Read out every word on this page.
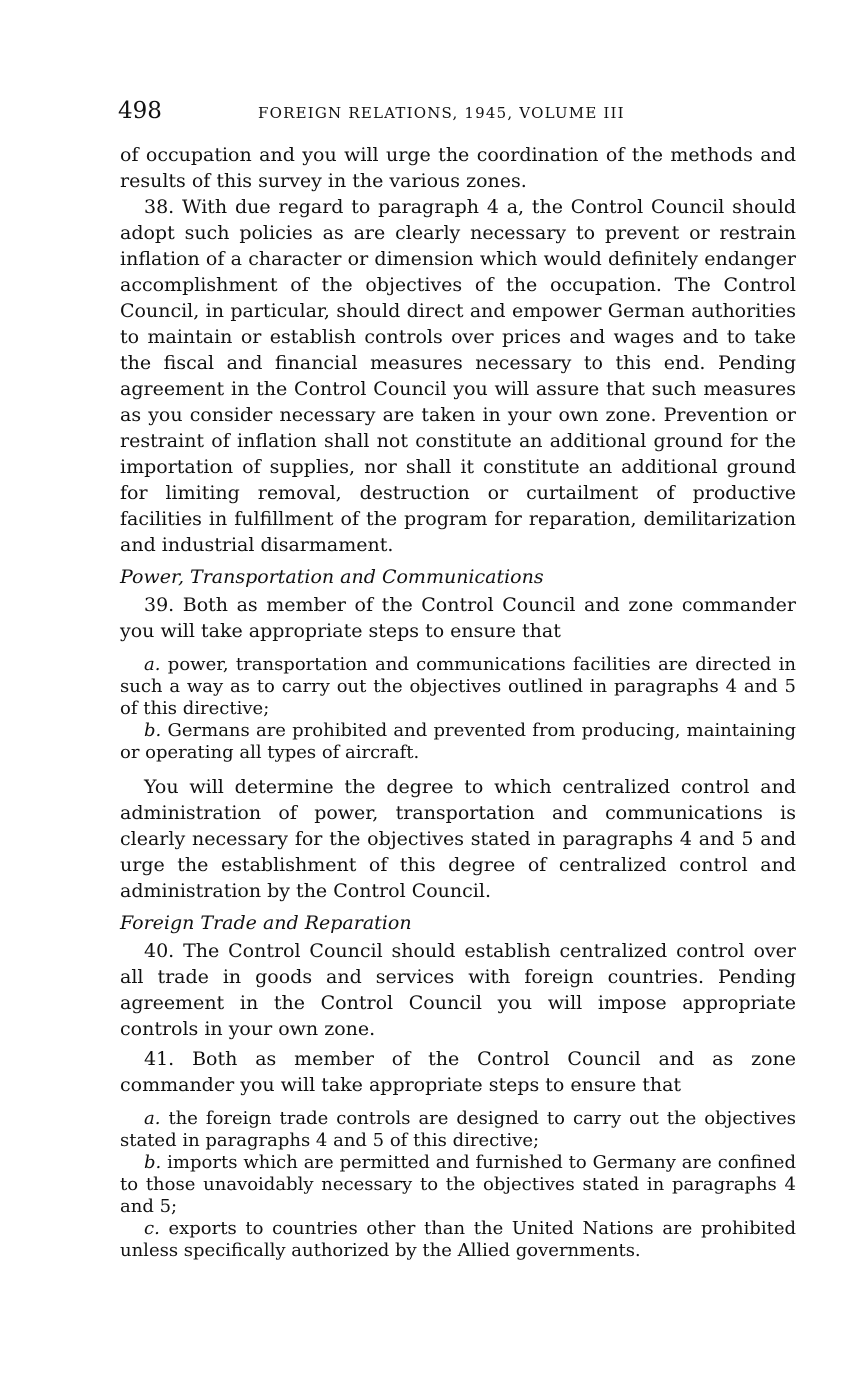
498	FOREIGN RELATIONS, 1945, VOLUME III

of occupation and you will urge the coordination of the methods and results of this survey in the various zones.

38. With due regard to paragraph 4 a, the Control Council should adopt such policies as are clearly necessary to prevent or restrain inflation of a character or dimension which would definitely endanger accomplishment of the objectives of the occupation. The Control Council, in particular, should direct and empower German authorities to maintain or establish controls over prices and wages and to take the fiscal and financial measures necessary to this end. Pending agreement in the Control Council you will assure that such measures as you consider necessary are taken in your own zone. Prevention or restraint of inflation shall not constitute an additional ground for the importation of supplies, nor shall it constitute an additional ground for limiting removal, destruction or curtailment of productive facilities in fulfillment of the program for reparation, demilitarization and industrial disarmament.

Power, Transportation and Communications

39. Both as member of the Control Council and zone commander you will take appropriate steps to ensure that

a. power, transportation and communications facilities are directed in such a way as to carry out the objectives outlined in paragraphs 4 and 5 of this directive;

b. Germans are prohibited and prevented from producing, maintaining or operating all types of aircraft.

You will determine the degree to which centralized control and administration of power, transportation and communications is clearly necessary for the objectives stated in paragraphs 4 and 5 and urge the establishment of this degree of centralized control and administration by the Control Council.

Foreign Trade and Reparation

40. The Control Council should establish centralized control over all trade in goods and services with foreign countries. Pending agreement in the Control Council you will impose appropriate controls in your own zone.

41. Both as member of the Control Council and as zone commander you will take appropriate steps to ensure that

a. the foreign trade controls are designed to carry out the objectives stated in paragraphs 4 and 5 of this directive;

b. imports which are permitted and furnished to Germany are confined to those unavoidably necessary to the objectives stated in paragraphs 4 and 5;

c. exports to countries other than the United Nations are prohibited unless specifically authorized by the Allied governments.
